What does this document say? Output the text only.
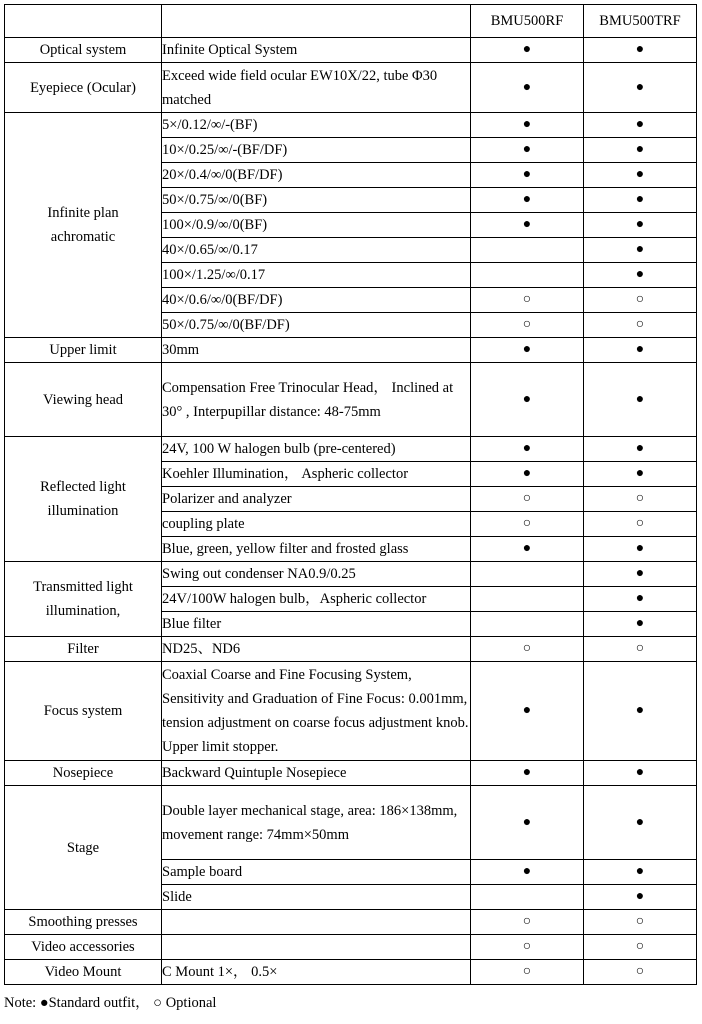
		BMU500RF	BMU500TRF

Optical system	Infinite Optical System	●	●

Eyepiece (Ocular)	Exceed wide field ocular EW10X/22, tube Φ30 matched	●	●

Infinite plan achromatic	5×/0.12/∞/-(BF)	●	●
	10×/0.25/∞/-(BF/DF)	●	●
	20×/0.4/∞/0(BF/DF)	●	●
	50×/0.75/∞/0(BF)	●	●
	100×/0.9/∞/0(BF)	●	●
	40×/0.65/∞/0.17		●
	100×/1.25/∞/0.17		●
	40×/0.6/∞/0(BF/DF)	○	○
	50×/0.75/∞/0(BF/DF)	○	○

Upper limit	30mm	●	●

Viewing head	Compensation Free Trinocular Head， Inclined at 30° , Interpupillar distance: 48-75mm	●	●

Reflected light illumination	24V, 100 W halogen bulb (pre-centered)	●	●
	Koehler Illumination， Aspheric collector	●	●
	Polarizer and analyzer	○	○
	coupling plate	○	○
	Blue, green, yellow filter and frosted glass	●	●

Transmitted light illumination,	Swing out condenser NA0.9/0.25		●
	24V/100W halogen bulb，Aspheric collector		●
	Blue filter		●

Filter	ND25、ND6	○	○

Focus system	Coaxial Coarse and Fine Focusing System, Sensitivity and Graduation of Fine Focus: 0.001mm, tension adjustment on coarse focus adjustment knob. Upper limit stopper.	●	●

Nosepiece	Backward Quintuple Nosepiece	●	●

Stage	Double layer mechanical stage, area: 186×138mm, movement range: 74mm×50mm	●	●
	Sample board	●	●
	Slide		●

Smoothing presses		○	○

Video accessories		○	○

Video Mount	C Mount 1×， 0.5×	○	○
Note: ●Standard outfit， ○ Optional
